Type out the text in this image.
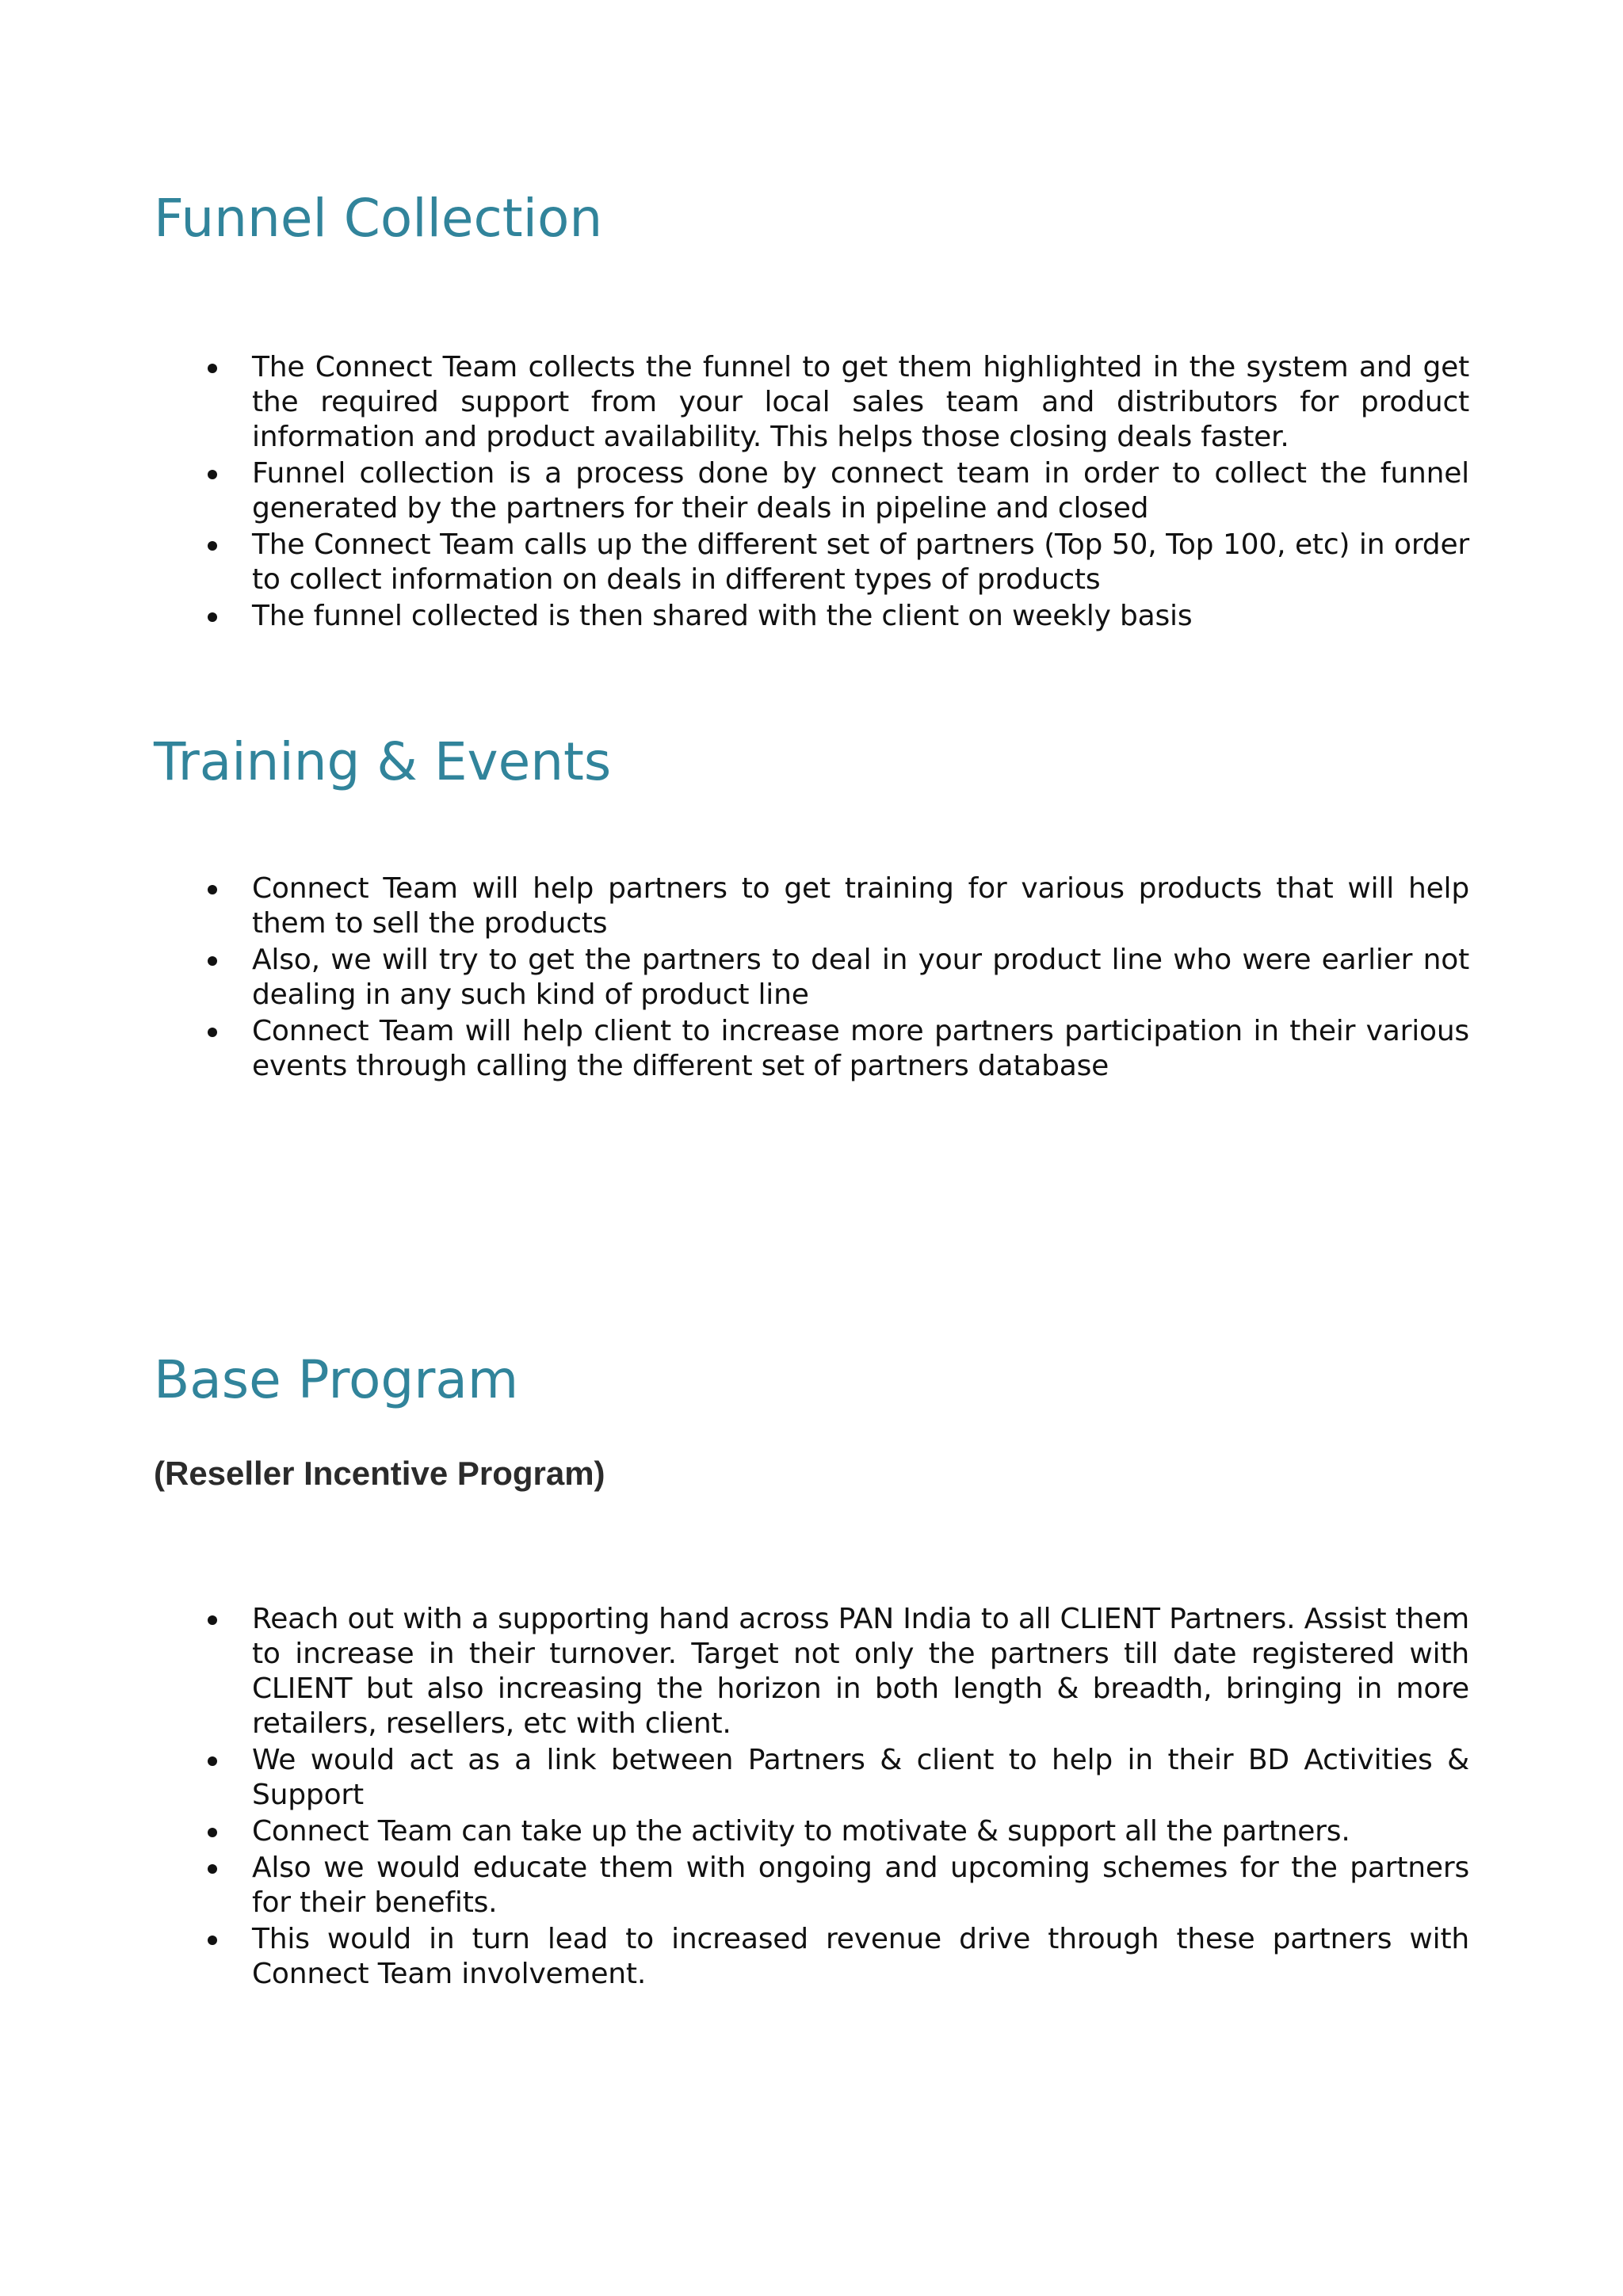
Funnel Collection
The Connect Team collects the funnel to get them highlighted in the system and get the required support from your local sales team and distributors for product information and product availability. This helps those closing deals faster.
Funnel collection is a process done by connect team in order to collect the funnel generated by the partners for their deals in pipeline and closed
The Connect Team calls up the different set of partners (Top 50, Top 100, etc) in order to collect information on deals in different types of products
The funnel collected is then shared with the client on weekly basis
Training & Events
Connect Team will help partners to get training for various products that will help them to sell the products
Also, we will try to get the partners to deal in your product line who were earlier not dealing in any such kind of product line
Connect Team will help client to increase more partners participation in their various events through calling the different set of partners database
Base Program
(Reseller Incentive Program)
Reach out with a supporting hand across PAN India to all CLIENT Partners. Assist them to increase in their turnover. Target not only the partners till date registered with CLIENT but also increasing the horizon in both length & breadth, bringing in more retailers, resellers, etc with client.
We would act as a link between Partners & client to help in their BD Activities & Support
Connect Team can take up the activity to motivate & support all the partners.
Also we would educate them with ongoing and upcoming schemes for the partners for their benefits.
This would in turn lead to increased revenue drive through these partners with Connect Team involvement.
